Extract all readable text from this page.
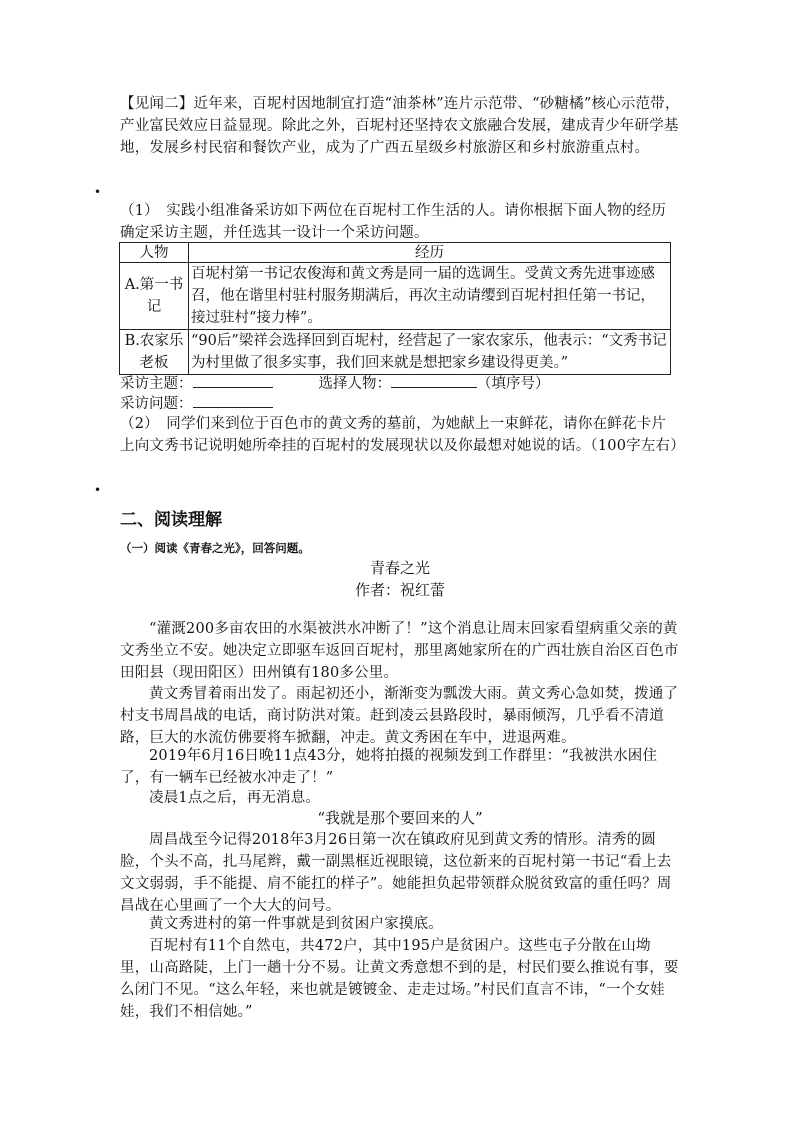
【见闻二】近年来，百坭村因地制宜打造“油茶林”连片示范带、“砂糖橘”核心示范带，产业富民效应日益显现。除此之外，百坭村还坚持农文旅融合发展，建成青少年研学基地，发展乡村民宿和餐饮产业，成为了广西五星级乡村旅游区和乡村旅游重点村。
•
（1）　实践小组准备采访如下两位在百坭村工作生活的人。请你根据下面人物的经历确定采访主题，并任选其一设计一个采访问题。
人物	经历
A.第一书记	百坭村第一书记农俊海和黄文秀是同一届的选调生。受黄文秀先进事迹感召，他在谐里村驻村服务期满后，再次主动请缨到百坭村担任第一书记，接过驻村“接力棒”。
B.农家乐老板	“90后”梁祥会选择回到百坭村，经营起了一家农家乐，他表示：“文秀书记为村里做了很多实事，我们回来就是想把家乡建设得更美。”
采访主题：	选择人物：	（填序号）
采访问题：
（2）　同学们来到位于百色市的黄文秀的墓前，为她献上一束鲜花，请你在鲜花卡片上向文秀书记说明她所牵挂的百坭村的发展现状以及你最想对她说的话。（100字左右）
•
二、阅读理解
（一）阅读《青春之光》，回答问题。
青春之光
作者：祝红蕾
“灌溉200多亩农田的水渠被洪水冲断了！”这个消息让周末回家看望病重父亲的黄文秀坐立不安。她决定立即驱车返回百坭村，那里离她家所在的广西壮族自治区百色市田阳县（现田阳区）田州镇有180多公里。
黄文秀冒着雨出发了。雨起初还小，渐渐变为瓢泼大雨。黄文秀心急如焚，拨通了村支书周昌战的电话，商讨防洪对策。赶到凌云县路段时，暴雨倾泻，几乎看不清道路，巨大的水流仿佛要将车掀翻，冲走。黄文秀困在车中，进退两难。
2019年6月16日晚11点43分，她将拍摄的视频发到工作群里：“我被洪水困住了，有一辆车已经被水冲走了！”
凌晨1点之后，再无消息。
“我就是那个要回来的人”
周昌战至今记得2018年3月26日第一次在镇政府见到黄文秀的情形。清秀的圆脸，个头不高，扎马尾辫，戴一副黑框近视眼镜，这位新来的百坭村第一书记“看上去文文弱弱，手不能提、肩不能扛的样子”。她能担负起带领群众脱贫致富的重任吗？周昌战在心里画了一个大大的问号。
黄文秀进村的第一件事就是到贫困户家摸底。
百坭村有11个自然屯，共472户，其中195户是贫困户。这些屯子分散在山坳里，山高路陡，上门一趟十分不易。让黄文秀意想不到的是，村民们要么推说有事，要么闭门不见。“这么年轻，来也就是镀镀金、走走过场。”村民们直言不讳，“一个女娃娃，我们不相信她。”
